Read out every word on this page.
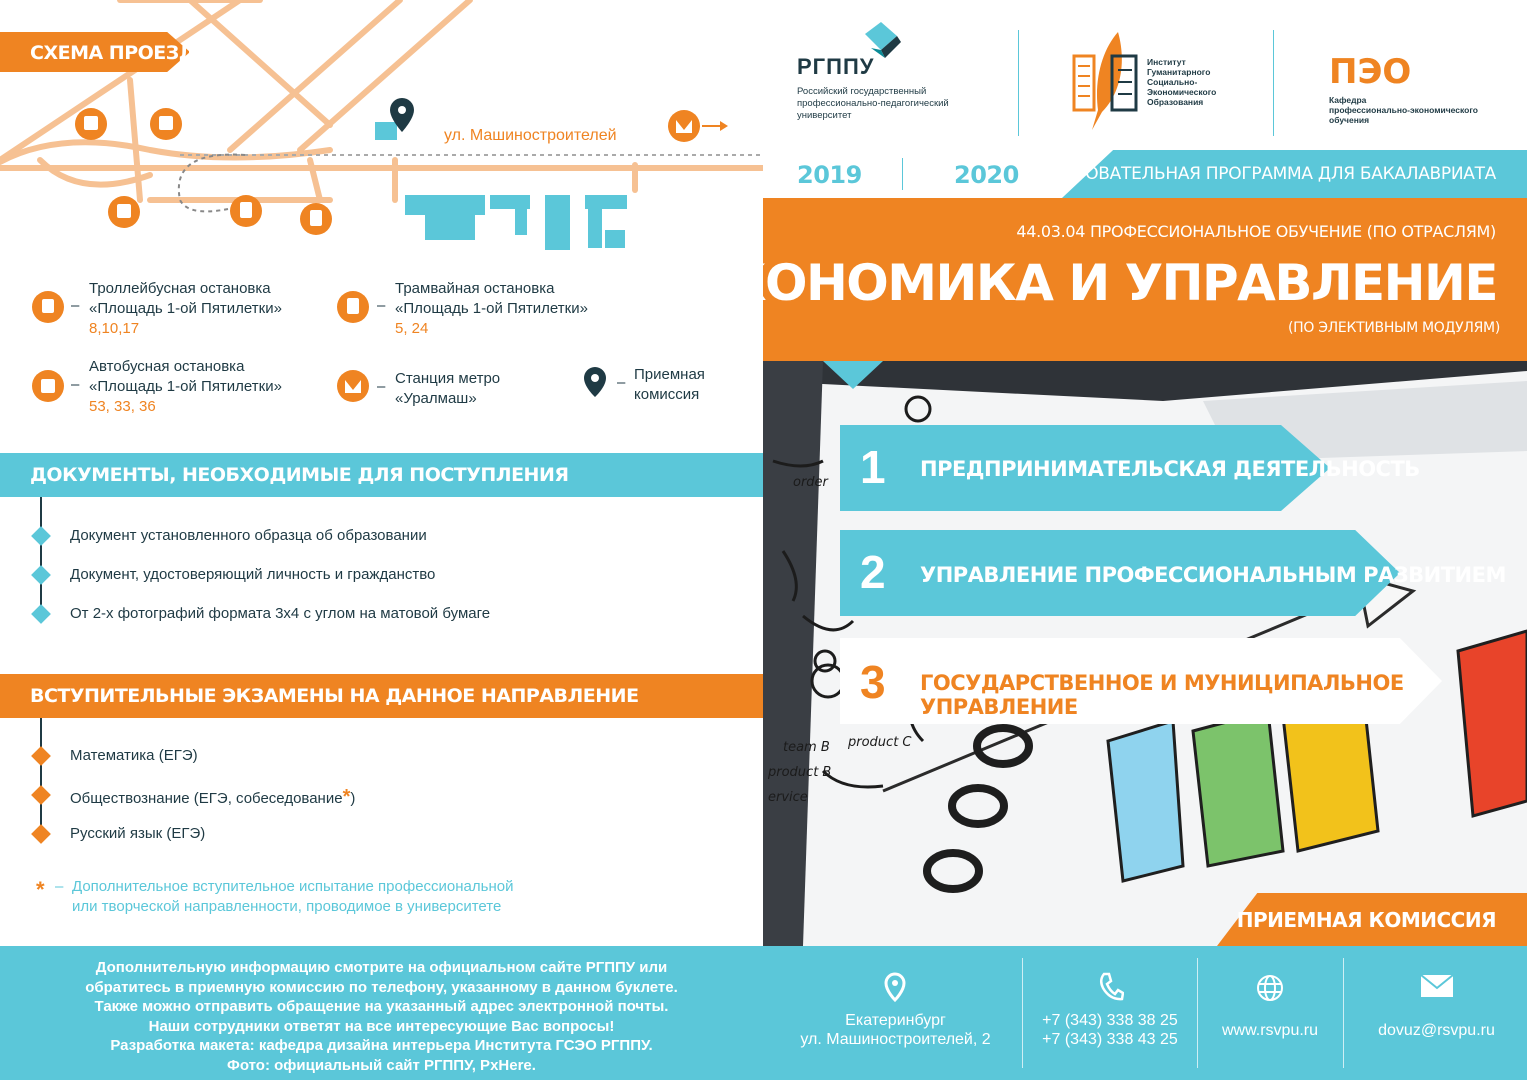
СХЕМА ПРОЕЗДА
ул. Машиностроителей
–
Троллейбусная остановка
«Площадь 1-ой Пятилетки»
8,10,17
–
Трамвайная остановка
«Площадь 1-ой Пятилетки»
5, 24
–
Автобусная остановка
«Площадь 1-ой Пятилетки»
53, 33, 36
– Станция метро
«Уралмаш»
– Приемная
комиссия
ДОКУМЕНТЫ, НЕОБХОДИМЫЕ ДЛЯ ПОСТУПЛЕНИЯ
Документ установленного образца об образовании
Документ, удостоверяющий личность и гражданство
От 2-х фотографий формата 3х4 с углом на матовой бумаге
ВСТУПИТЕЛЬНЫЕ ЭКЗАМЕНЫ НА ДАННОЕ НАПРАВЛЕНИЕ
Математика (ЕГЭ)
Обществознание (ЕГЭ, собеседование*)
Русский язык (ЕГЭ)
* – Дополнительное вступительное испытание профессиональной
или творческой направленности, проводимое в университете
РГППУ
Российский государственный
профессионально-педагогический
университет
Институт
Гуманитарного
Социально-
Экономического
Образования
ПЭО
Кафедра
профессионально-экономического
обучения
2019	2020 ОБРАЗОВАТЕЛЬНАЯ ПРОГРАММА ДЛЯ БАКАЛАВРИАТА
44.03.04 ПРОФЕССИОНАЛЬНОЕ ОБУЧЕНИЕ (ПО ОТРАСЛЯМ)
ЭКОНОМИКА И УПРАВЛЕНИЕ
(ПО ЭЛЕКТИВНЫМ МОДУЛЯМ)
order
team B
product B
ervice
product C
1 ПРЕДПРИНИМАТЕЛЬСКАЯ ДЕЯТЕЛЬНОСТЬ
2 УПРАВЛЕНИЕ ПРОФЕССИОНАЛЬНЫМ РАЗВИТИЕМ
3 ГОСУДАРСТВЕННОЕ И МУНИЦИПАЛЬНОЕ УПРАВЛЕНИЕ
ПРИЕМНАЯ КОМИССИЯ
Дополнительную информацию смотрите на официальном сайте РГППУ или
обратитесь в приемную комиссию по телефону, указанному в данном буклете.
Также можно отправить обращение на указанный адрес электронной почты.
Наши сотрудники ответят на все интересующие Вас вопросы!
Разработка макета: кафедра дизайна интерьера Института ГСЭО РГППУ.
Фото: официальный сайт РГППУ, PxHere.
Екатеринбург
ул. Машиностроителей, 2
+7 (343) 338 38 25
+7 (343) 338 43 25
www.rsvpu.ru	dovuz@rsvpu.ru
